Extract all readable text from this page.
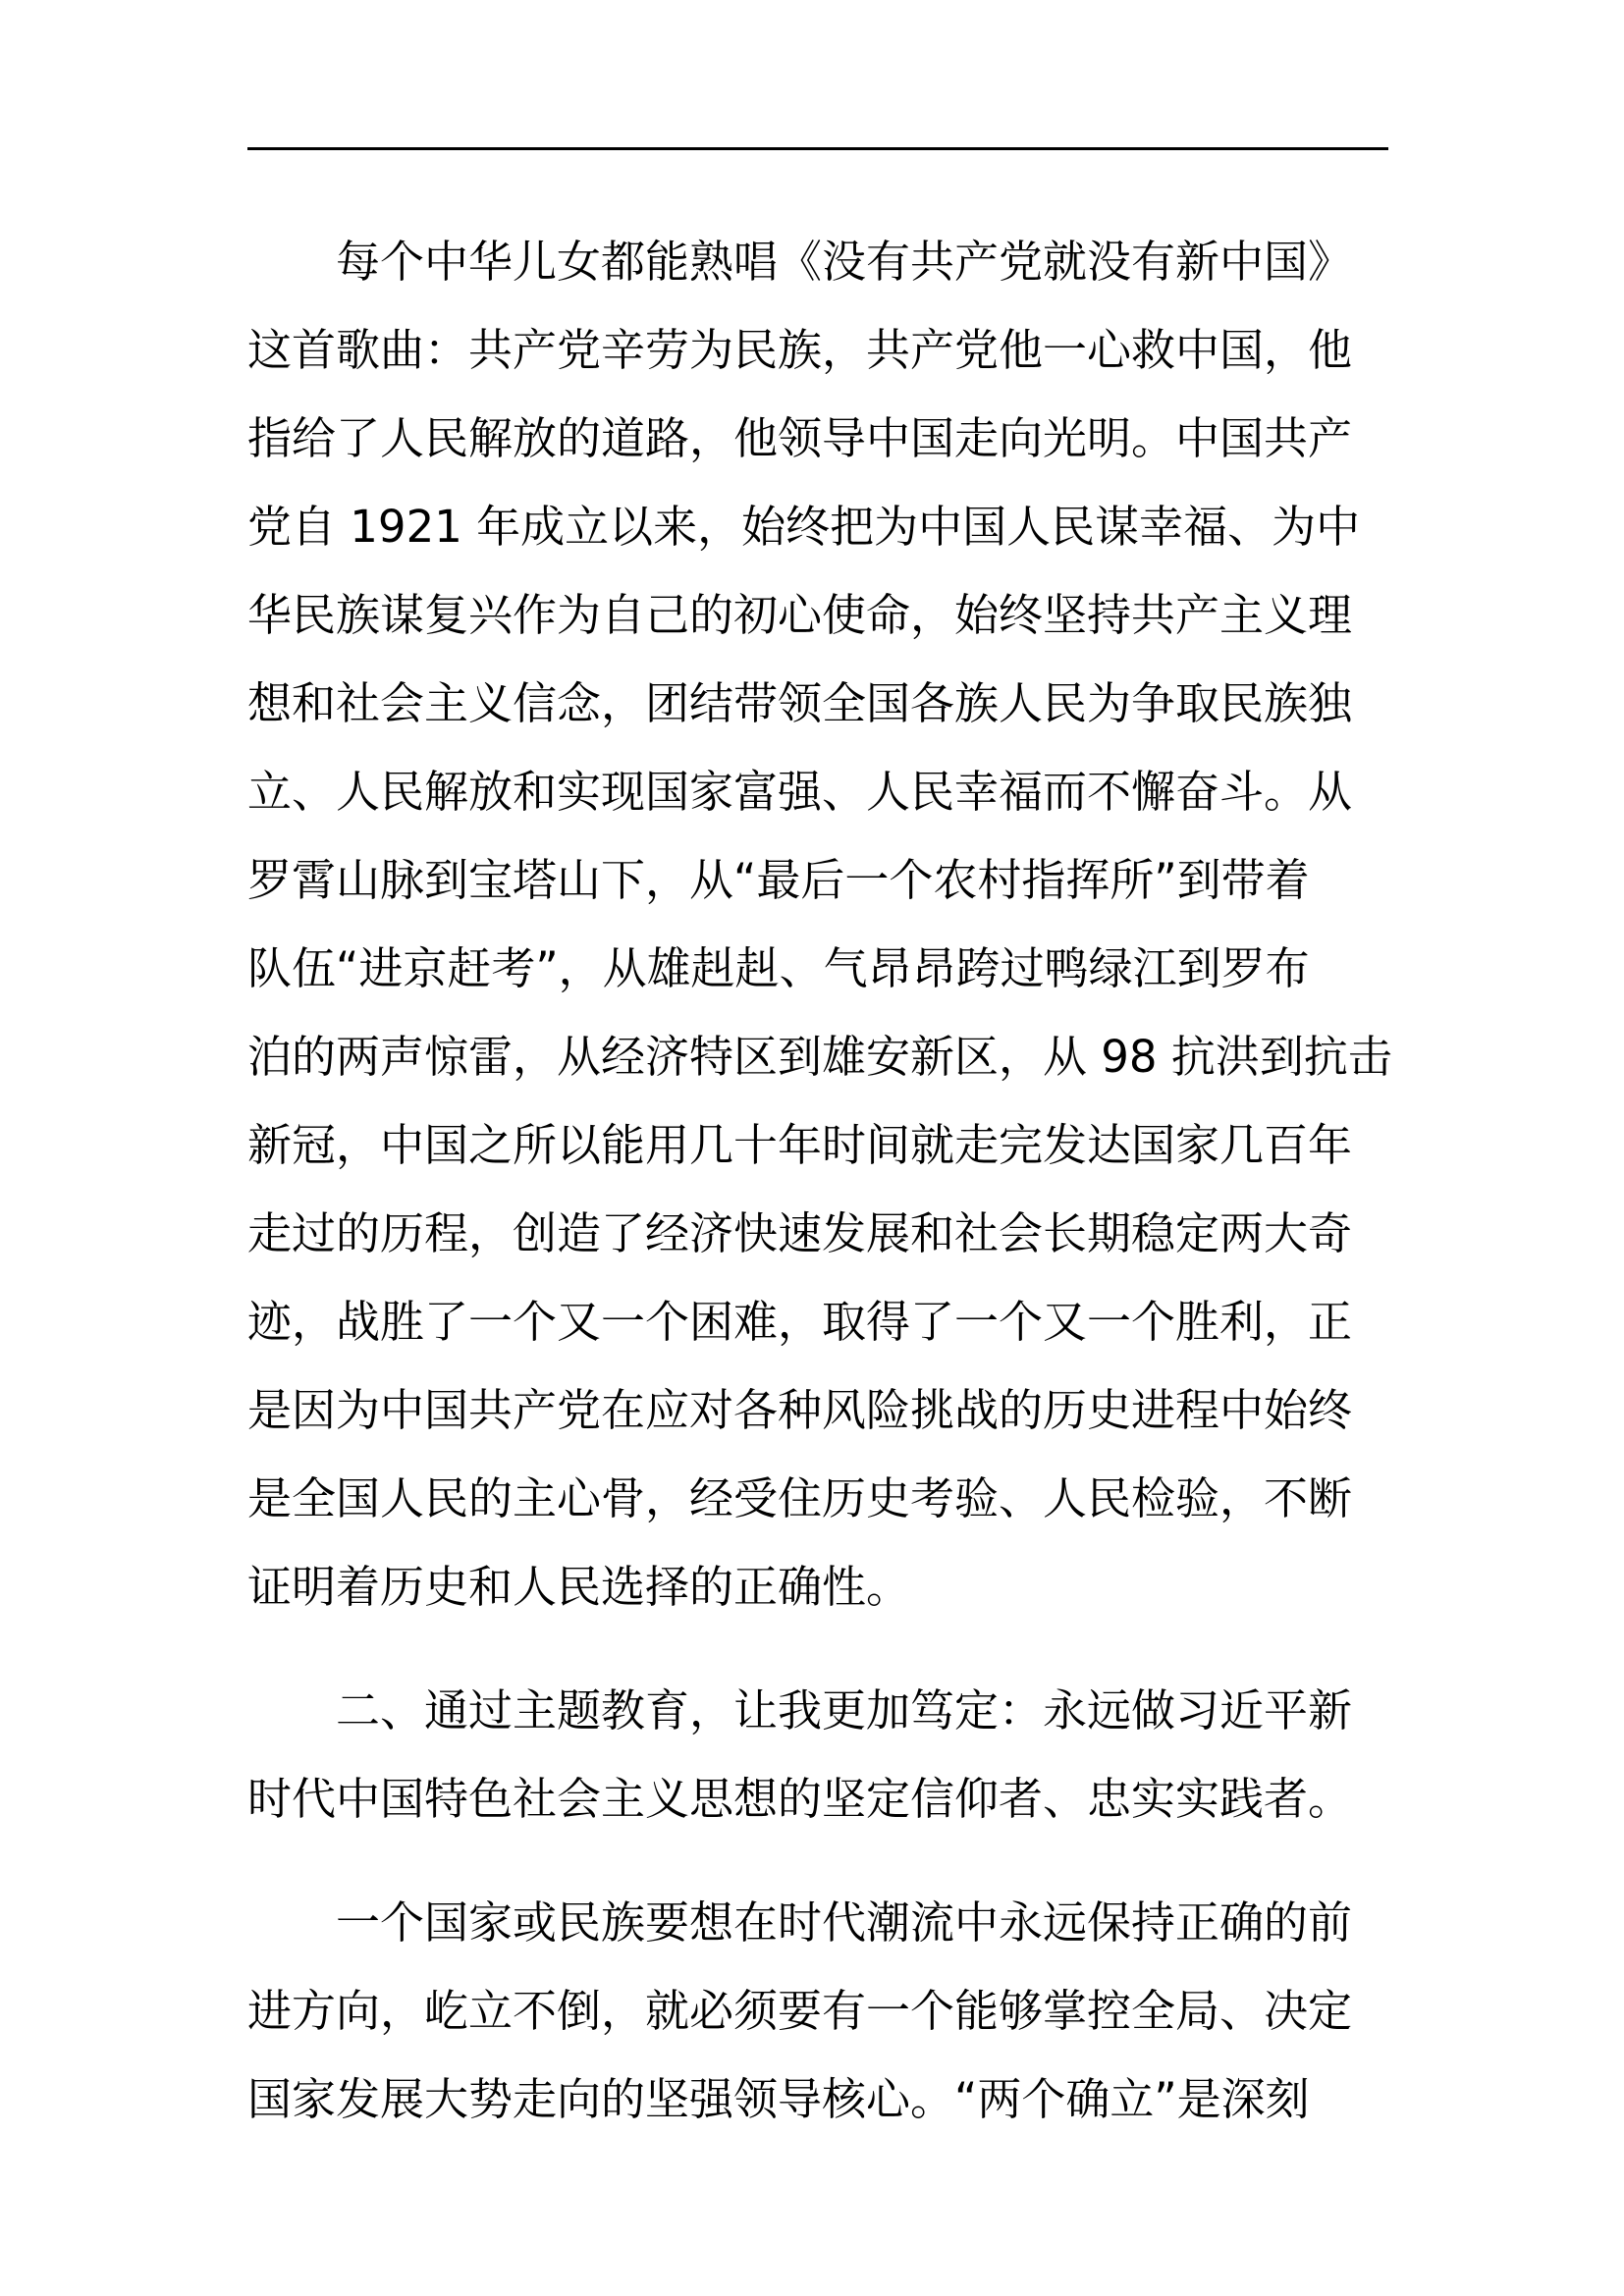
每个中华儿女都能熟唱《没有共产党就没有新中国》
这首歌曲：共产党辛劳为民族，共产党他一心救中国，他
指给了人民解放的道路，他领导中国走向光明。中国共产
党自 1921 年成立以来，始终把为中国人民谋幸福、为中
华民族谋复兴作为自己的初心使命，始终坚持共产主义理
想和社会主义信念，团结带领全国各族人民为争取民族独
立、人民解放和实现国家富强、人民幸福而不懈奋斗。从
罗霄山脉到宝塔山下，从“最后一个农村指挥所”到带着
队伍“进京赶考”，从雄赳赳、气昂昂跨过鸭绿江到罗布
泊的两声惊雷，从经济特区到雄安新区，从 98 抗洪到抗击
新冠，中国之所以能用几十年时间就走完发达国家几百年
走过的历程，创造了经济快速发展和社会长期稳定两大奇
迹，战胜了一个又一个困难，取得了一个又一个胜利，正
是因为中国共产党在应对各种风险挑战的历史进程中始终
是全国人民的主心骨，经受住历史考验、人民检验，不断
证明着历史和人民选择的正确性。
二、通过主题教育，让我更加笃定：永远做习近平新
时代中国特色社会主义思想的坚定信仰者、忠实实践者。
一个国家或民族要想在时代潮流中永远保持正确的前
进方向，屹立不倒，就必须要有一个能够掌控全局、决定
国家发展大势走向的坚强领导核心。“两个确立”是深刻
